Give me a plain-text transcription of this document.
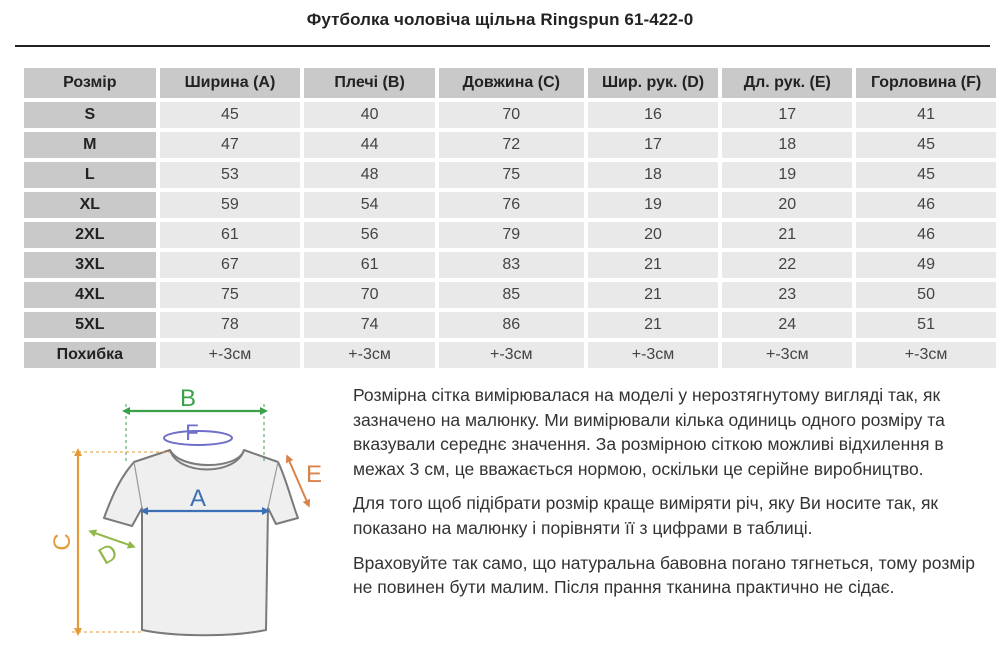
Футболка чоловіча щільна Ringspun 61-422-0
Розмір	Ширина (A)	Плечі (B)	Довжина (C)	Шир. рук. (D)	Дл. рук. (E)	Горловина (F)
S	45	40	70	16	17	41
M	47	44	72	17	18	45
L	53	48	75	18	19	45
XL	59	54	76	19	20	46
2XL	61	56	79	20	21	46
3XL	67	61	83	21	22	49
4XL	75	70	85	21	23	50
5XL	78	74	86	21	24	51
Похибка	+-3см	+-3см	+-3см	+-3см	+-3см	+-3см
B
F
A
C D
E

Розмірна сітка вимірювалася на моделі у нерозтягнутому вигляді так, як зазначено на малюнку. Ми вимірювали кілька одиниць одного розміру та вказували середнє значення. За розмірною сіткою можливі відхилення в межах 3 см, це вважається нормою, оскільки це серійне виробництво.

Для того щоб підібрати розмір краще виміряти річ, яку Ви носите так, як показано на малюнку і порівняти її з цифрами в таблиці.

Враховуйте так само, що натуральна бавовна погано тягнеться, тому розмір не повинен бути малим. Після прання тканина практично не сідає.
